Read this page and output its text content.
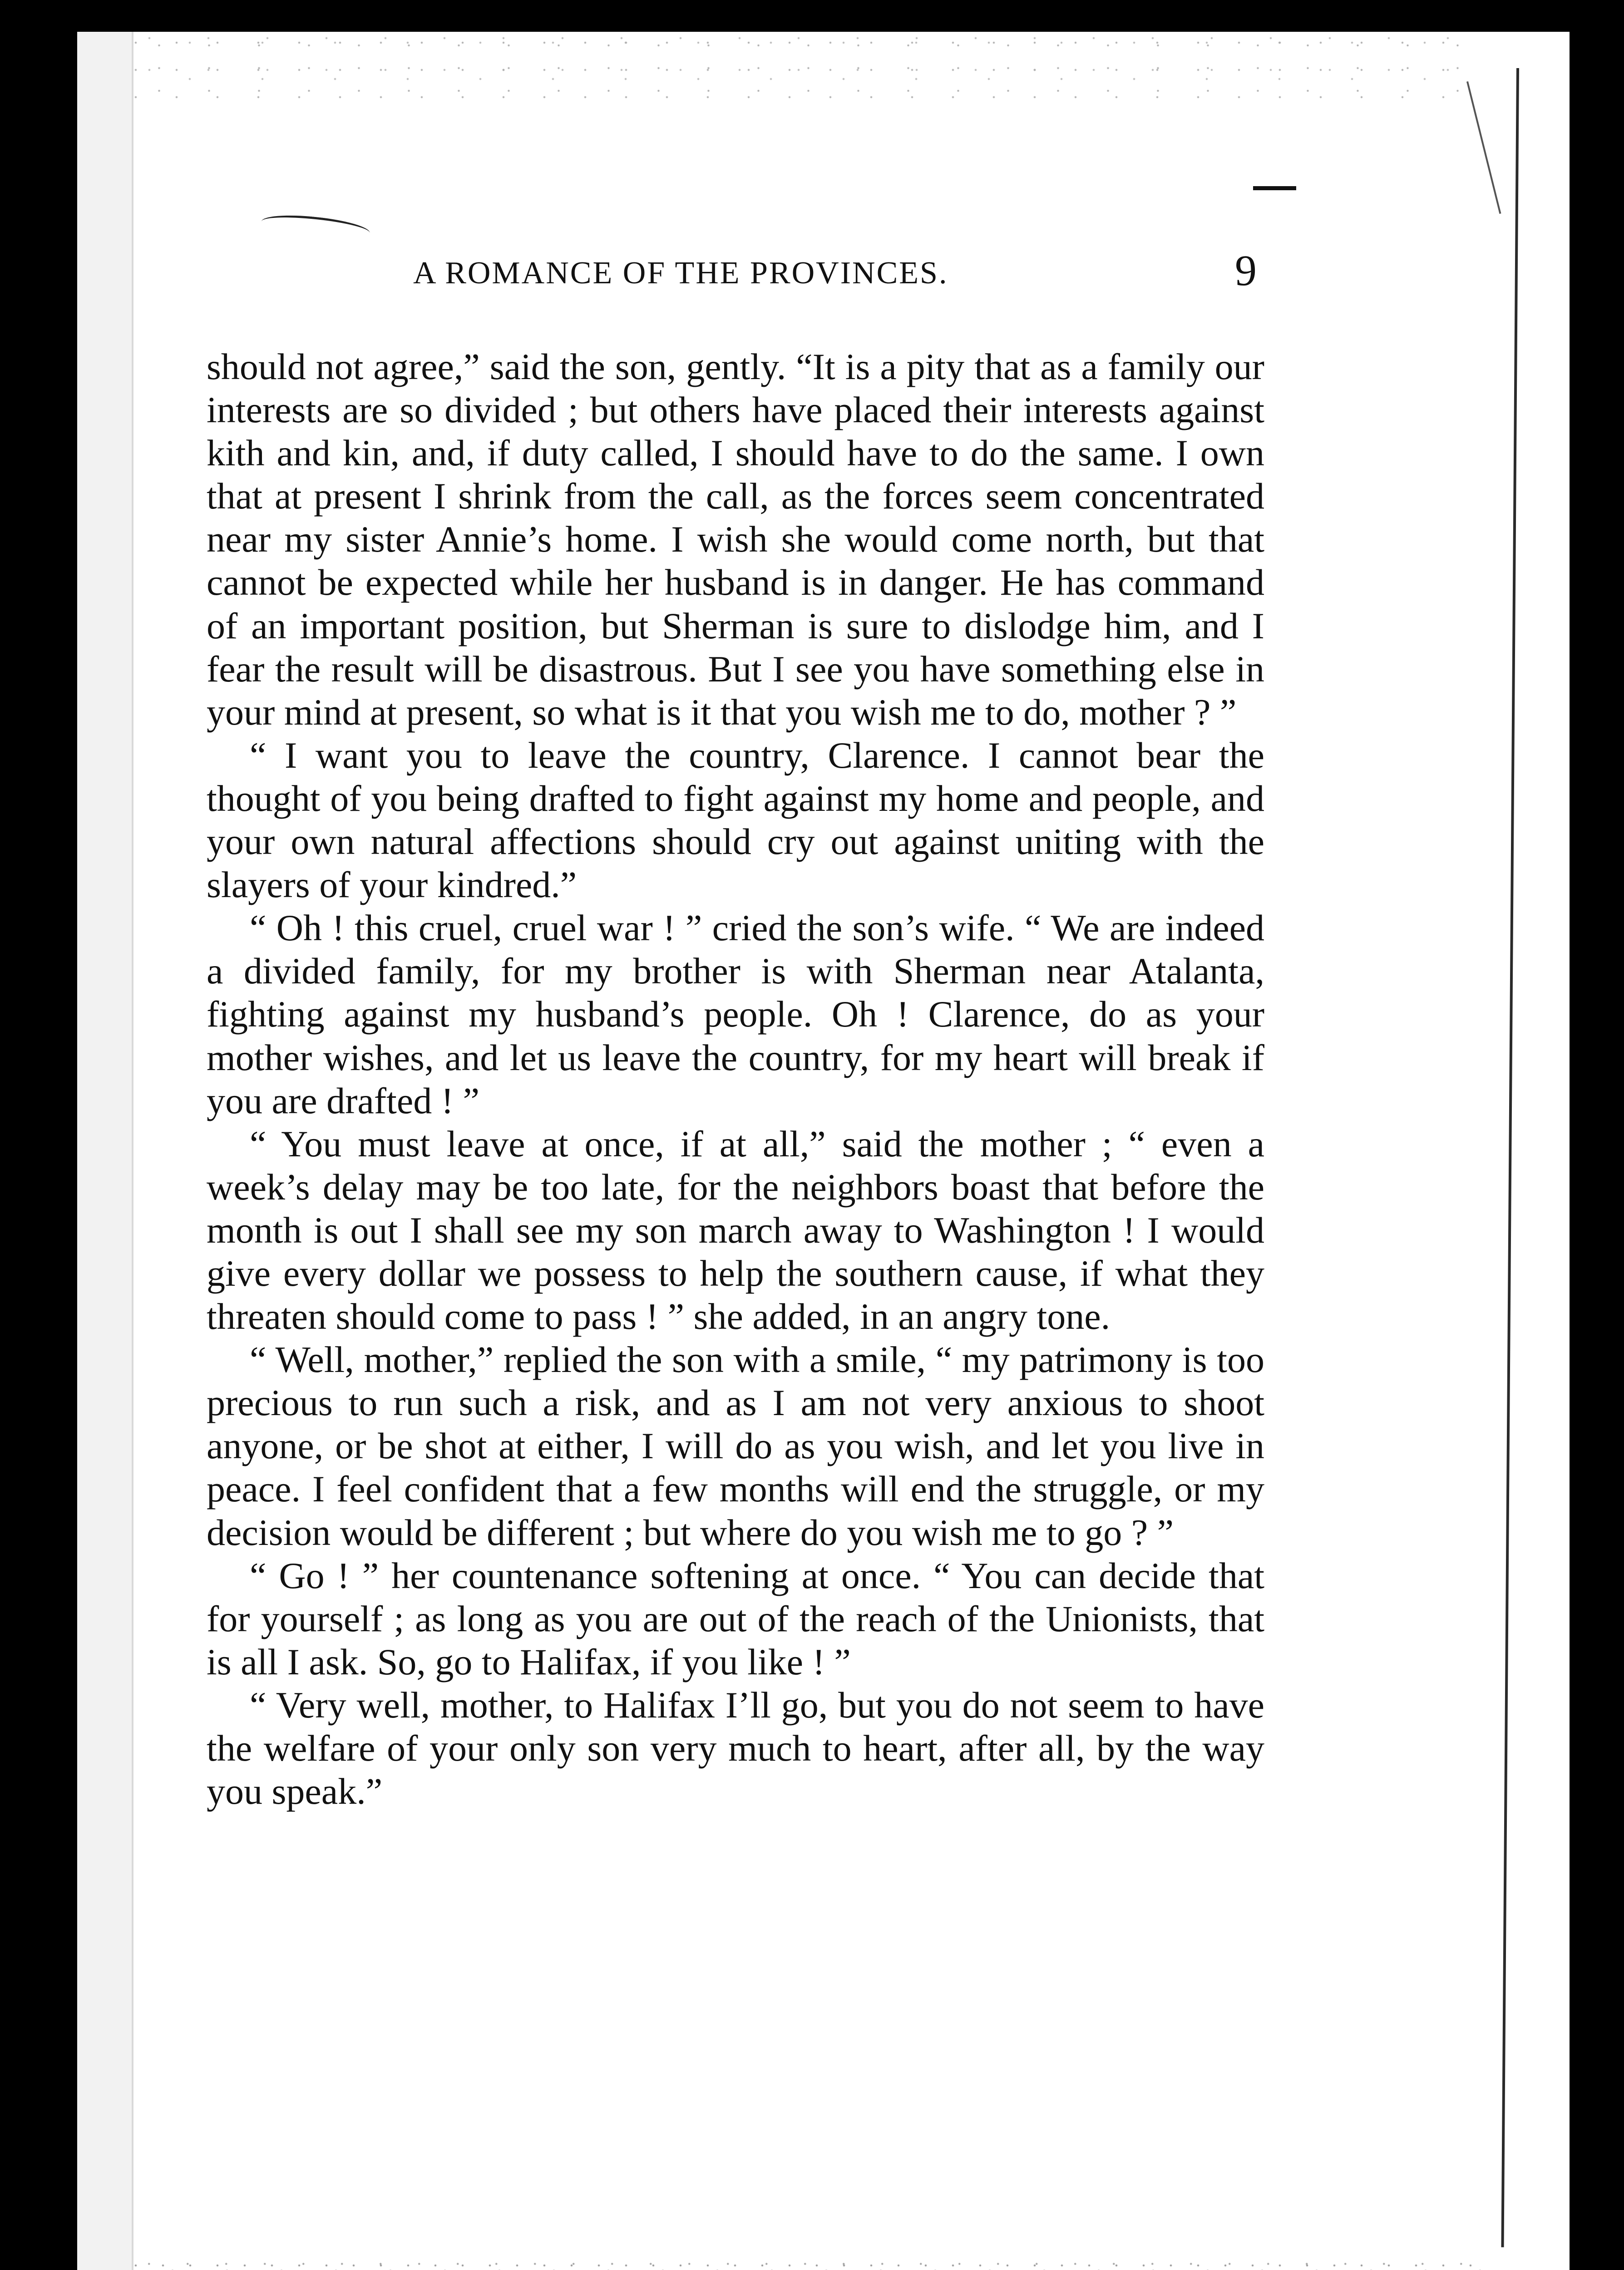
A ROMANCE OF THE PROVINCES.	9

should not agree,” said the son, gently. “It is a pity that as a family our interests are so divided ; but others have placed their interests against kith and kin, and, if duty called, I should have to do the same. I own that at present I shrink from the call, as the forces seem concentrated near my sister Annie’s home. I wish she would come north, but that cannot be expected while her husband is in danger. He has command of an important position, but Sherman is sure to dislodge him, and I fear the result will be disastrous. But I see you have something else in your mind at present, so what is it that you wish me to do, mother ? ”

“ I want you to leave the country, Clarence. I cannot bear the thought of you being drafted to fight against my home and people, and your own natural affections should cry out against uniting with the slayers of your kindred.”

“ Oh ! this cruel, cruel war ! ” cried the son’s wife. “ We are indeed a divided family, for my brother is with Sherman near Atalanta, fighting against my husband’s people. Oh ! Clarence, do as your mother wishes, and let us leave the country, for my heart will break if you are drafted ! ”

“ You must leave at once, if at all,” said the mother ; “ even a week’s delay may be too late, for the neighbors boast that before the month is out I shall see my son march away to Washington ! I would give every dollar we possess to help the southern cause, if what they threaten should come to pass ! ” she added, in an angry tone.

“ Well, mother,” replied the son with a smile, “ my patrimony is too precious to run such a risk, and as I am not very anxious to shoot anyone, or be shot at either, I will do as you wish, and let you live in peace. I feel confident that a few months will end the struggle, or my decision would be different ; but where do you wish me to go ? ”

“ Go ! ” her countenance softening at once. “ You can decide that for yourself ; as long as you are out of the reach of the Unionists, that is all I ask. So, go to Halifax, if you like ! ”

“ Very well, mother, to Halifax I’ll go, but you do not seem to have the welfare of your only son very much to heart, after all, by the way you speak.”
